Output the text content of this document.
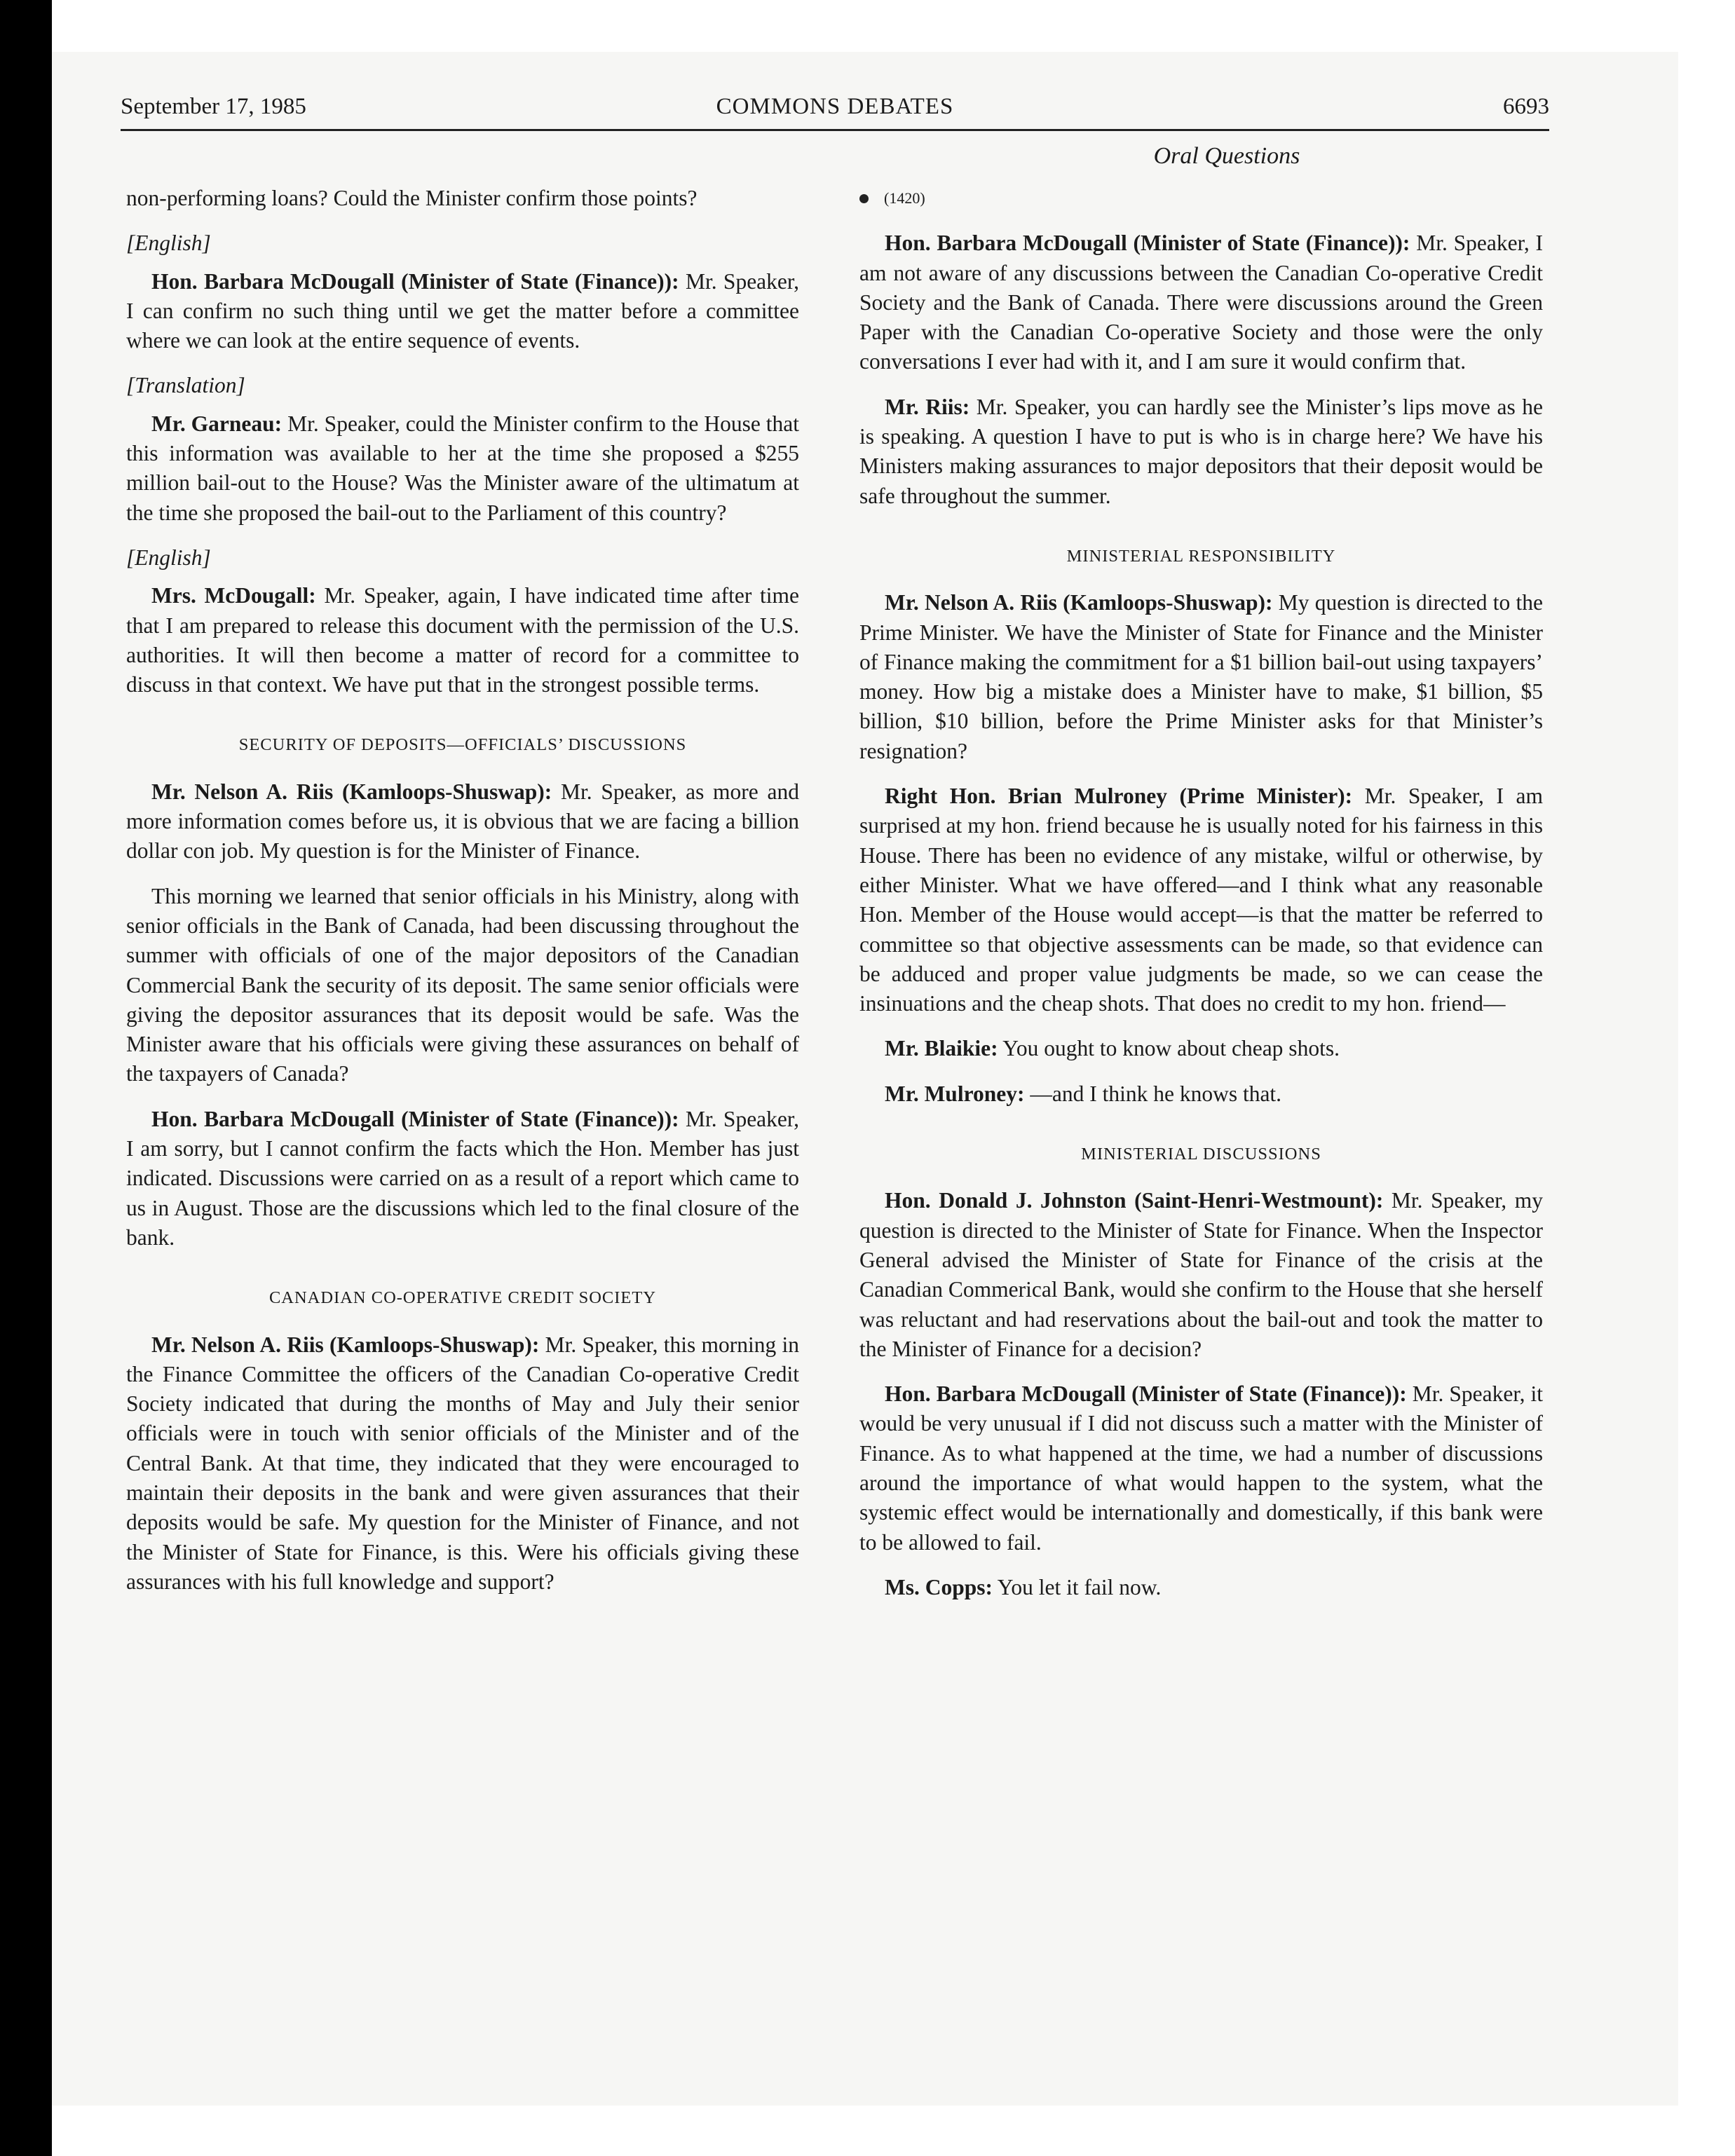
September 17, 1985	COMMONS DEBATES	6693
Oral Questions

non-performing loans? Could the Minister confirm those points?

[English]

Hon. Barbara McDougall (Minister of State (Finance)): Mr. Speaker, I can confirm no such thing until we get the matter before a committee where we can look at the entire sequence of events.

[Translation]

Mr. Garneau: Mr. Speaker, could the Minister confirm to the House that this information was available to her at the time she proposed a $255 million bail-out to the House? Was the Minister aware of the ultimatum at the time she proposed the bail-out to the Parliament of this country?

[English]

Mrs. McDougall: Mr. Speaker, again, I have indicated time after time that I am prepared to release this document with the permission of the U.S. authorities. It will then become a matter of record for a committee to discuss in that context. We have put that in the strongest possible terms.

SECURITY OF DEPOSITS—OFFICIALS’ DISCUSSIONS

Mr. Nelson A. Riis (Kamloops-Shuswap): Mr. Speaker, as more and more information comes before us, it is obvious that we are facing a billion dollar con job. My question is for the Minister of Finance.

This morning we learned that senior officials in his Ministry, along with senior officials in the Bank of Canada, had been discussing throughout the summer with officials of one of the major depositors of the Canadian Commercial Bank the security of its deposit. The same senior officials were giving the depositor assurances that its deposit would be safe. Was the Minister aware that his officials were giving these assurances on behalf of the taxpayers of Canada?

Hon. Barbara McDougall (Minister of State (Finance)): Mr. Speaker, I am sorry, but I cannot confirm the facts which the Hon. Member has just indicated. Discussions were carried on as a result of a report which came to us in August. Those are the discussions which led to the final closure of the bank.

CANADIAN CO-OPERATIVE CREDIT SOCIETY

Mr. Nelson A. Riis (Kamloops-Shuswap): Mr. Speaker, this morning in the Finance Committee the officers of the Canadian Co-operative Credit Society indicated that during the months of May and July their senior officials were in touch with senior officials of the Minister and of the Central Bank. At that time, they indicated that they were encouraged to maintain their deposits in the bank and were given assurances that their deposits would be safe. My question for the Minister of Finance, and not the Minister of State for Finance, is this. Were his officials giving these assurances with his full knowledge and support?

(1420)

Hon. Barbara McDougall (Minister of State (Finance)): Mr. Speaker, I am not aware of any discussions between the Canadian Co-operative Credit Society and the Bank of Canada. There were discussions around the Green Paper with the Canadian Co-operative Society and those were the only conversations I ever had with it, and I am sure it would confirm that.

Mr. Riis: Mr. Speaker, you can hardly see the Minister’s lips move as he is speaking. A question I have to put is who is in charge here? We have his Ministers making assurances to major depositors that their deposit would be safe throughout the summer.

MINISTERIAL RESPONSIBILITY

Mr. Nelson A. Riis (Kamloops-Shuswap): My question is directed to the Prime Minister. We have the Minister of State for Finance and the Minister of Finance making the commitment for a $1 billion bail-out using taxpayers’ money. How big a mistake does a Minister have to make, $1 billion, $5 billion, $10 billion, before the Prime Minister asks for that Minister’s resignation?

Right Hon. Brian Mulroney (Prime Minister): Mr. Speaker, I am surprised at my hon. friend because he is usually noted for his fairness in this House. There has been no evidence of any mistake, wilful or otherwise, by either Minister. What we have offered—and I think what any reasonable Hon. Member of the House would accept—is that the matter be referred to committee so that objective assessments can be made, so that evidence can be adduced and proper value judgments be made, so we can cease the insinuations and the cheap shots. That does no credit to my hon. friend—

Mr. Blaikie: You ought to know about cheap shots.

Mr. Mulroney: —and I think he knows that.

MINISTERIAL DISCUSSIONS

Hon. Donald J. Johnston (Saint-Henri-Westmount): Mr. Speaker, my question is directed to the Minister of State for Finance. When the Inspector General advised the Minister of State for Finance of the crisis at the Canadian Commerical Bank, would she confirm to the House that she herself was reluctant and had reservations about the bail-out and took the matter to the Minister of Finance for a decision?

Hon. Barbara McDougall (Minister of State (Finance)): Mr. Speaker, it would be very unusual if I did not discuss such a matter with the Minister of Finance. As to what happened at the time, we had a number of discussions around the importance of what would happen to the system, what the systemic effect would be internationally and domestically, if this bank were to be allowed to fail.

Ms. Copps: You let it fail now.
